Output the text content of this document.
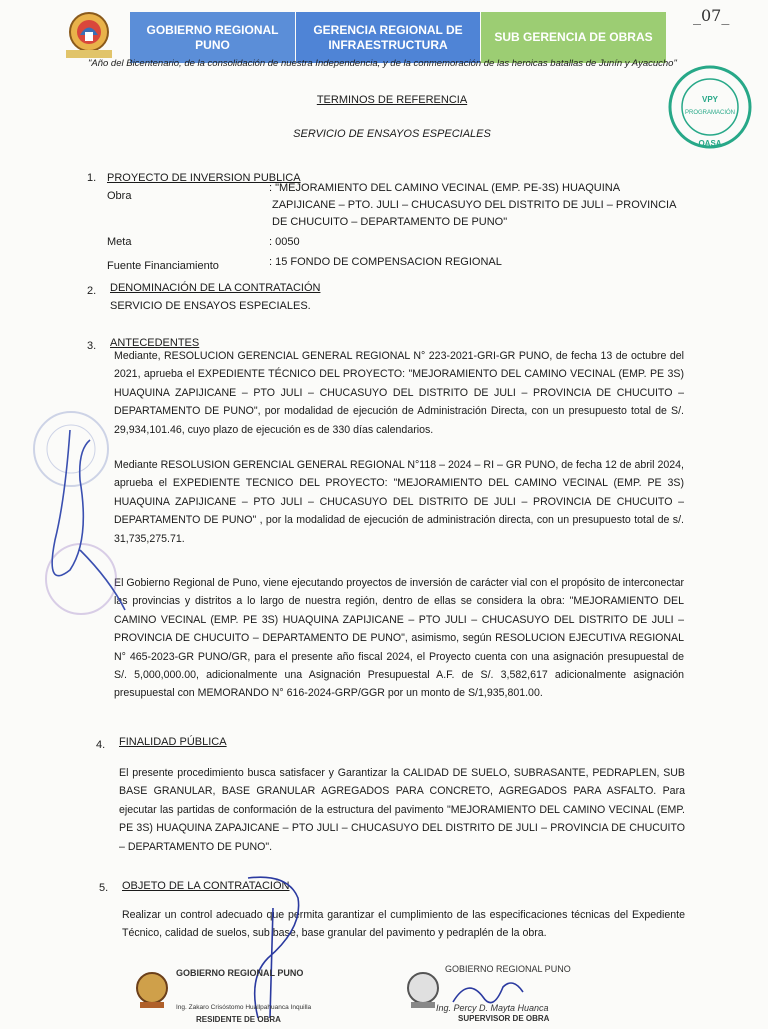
GOBIERNO REGIONAL PUNO
GERENCIA REGIONAL DE INFRAESTRUCTURA
SUB GERENCIA DE OBRAS
"Año del Bicentenario, de la consolidación de nuestra Independencia, y de la conmemoración de las heroicas batallas de Junín y Ayacucho"
_07_
VPY
PROGRAMACIÓN
OASA
TERMINOS DE REFERENCIA
SERVICIO DE ENSAYOS ESPECIALES
1. PROYECTO DE INVERSION PUBLICA
Obra
: "MEJORAMIENTO DEL CAMINO VECINAL (EMP. PE-3S) HUAQUINA
ZAPIJICANE – PTO. JULI – CHUCASUYO DEL DISTRITO DE JULI – PROVINCIA
DE CHUCUITO – DEPARTAMENTO DE PUNO"
Meta	: 0050
Fuente Financiamiento	: 15 FONDO DE COMPENSACION REGIONAL
2. DENOMINACIÓN DE LA CONTRATACIÓN
SERVICIO DE ENSAYOS ESPECIALES.
3. ANTECEDENTES
Mediante, RESOLUCION GERENCIAL GENERAL REGIONAL N° 223-2021-GRI-GR PUNO, de fecha 13 de octubre del 2021, aprueba el EXPEDIENTE TÉCNICO DEL PROYECTO: "MEJORAMIENTO DEL CAMINO VECINAL (EMP. PE 3S) HUAQUINA ZAPIJICANE – PTO JULI – CHUCASUYO DEL DISTRITO DE JULI – PROVINCIA DE CHUCUITO – DEPARTAMENTO DE PUNO", por modalidad de ejecución de Administración Directa, con un presupuesto total de S/. 29,934,101.46, cuyo plazo de ejecución es de 330 días calendarios.
Mediante RESOLUSION GERENCIAL GENERAL REGIONAL N°118 – 2024 – RI – GR PUNO, de fecha 12 de abril 2024, aprueba el EXPEDIENTE TECNICO DEL PROYECTO: "MEJORAMIENTO DEL CAMINO VECINAL (EMP. PE 3S) HUAQUINA ZAPIJICANE – PTO JULI – CHUCASUYO DEL DISTRITO DE JULI – PROVINCIA DE CHUCUITO – DEPARTAMENTO DE PUNO" , por la modalidad de ejecución de administración directa, con un presupuesto total de s/. 31,735,275.71.
El Gobierno Regional de Puno, viene ejecutando proyectos de inversión de carácter vial con el propósito de interconectar las provincias y distritos a lo largo de nuestra región, dentro de ellas se considera la obra: "MEJORAMIENTO DEL CAMINO VECINAL (EMP. PE 3S) HUAQUINA ZAPIJICANE – PTO JULI – CHUCASUYO DEL DISTRITO DE JULI – PROVINCIA DE CHUCUITO – DEPARTAMENTO DE PUNO", asimismo, según RESOLUCION EJECUTIVA REGIONAL N° 465-2023-GR PUNO/GR, para el presente año fiscal 2024, el Proyecto cuenta con una asignación presupuestal de S/. 5,000,000.00, adicionalmente una Asignación Presupuestal A.F. de S/. 3,582,617 adicionalmente asignación presupuestal con MEMORANDO N° 616-2024-GRP/GGR por un monto de S/1,935,801.00.
4. FINALIDAD PÚBLICA
El presente procedimiento busca satisfacer y Garantizar la CALIDAD DE SUELO, SUBRASANTE, PEDRAPLEN, SUB BASE GRANULAR, BASE GRANULAR AGREGADOS PARA CONCRETO, AGREGADOS PARA ASFALTO. Para ejecutar las partidas de conformación de la estructura del pavimento "MEJORAMIENTO DEL CAMINO VECINAL (EMP. PE 3S) HUAQUINA ZAPAJICANE – PTO JULI – CHUCASUYO DEL DISTRITO DE JULI – PROVINCIA DE CHUCUITO – DEPARTAMENTO DE PUNO".
5. OBJETO DE LA CONTRATACIÓN
Realizar un control adecuado que permita garantizar el cumplimiento de las especificaciones técnicas del Expediente Técnico, calidad de suelos, sub base, base granular del pavimento y pedraplén de la obra.
GOBIERNO REGIONAL PUNO
Ing. Zakaro Crisóstomo Huallpahuanca Inquilla
RESIDENTE DE OBRA
GOBIERNO REGIONAL PUNO
Ing. Percy D. Mayta Huanca
SUPERVISOR DE OBRA
